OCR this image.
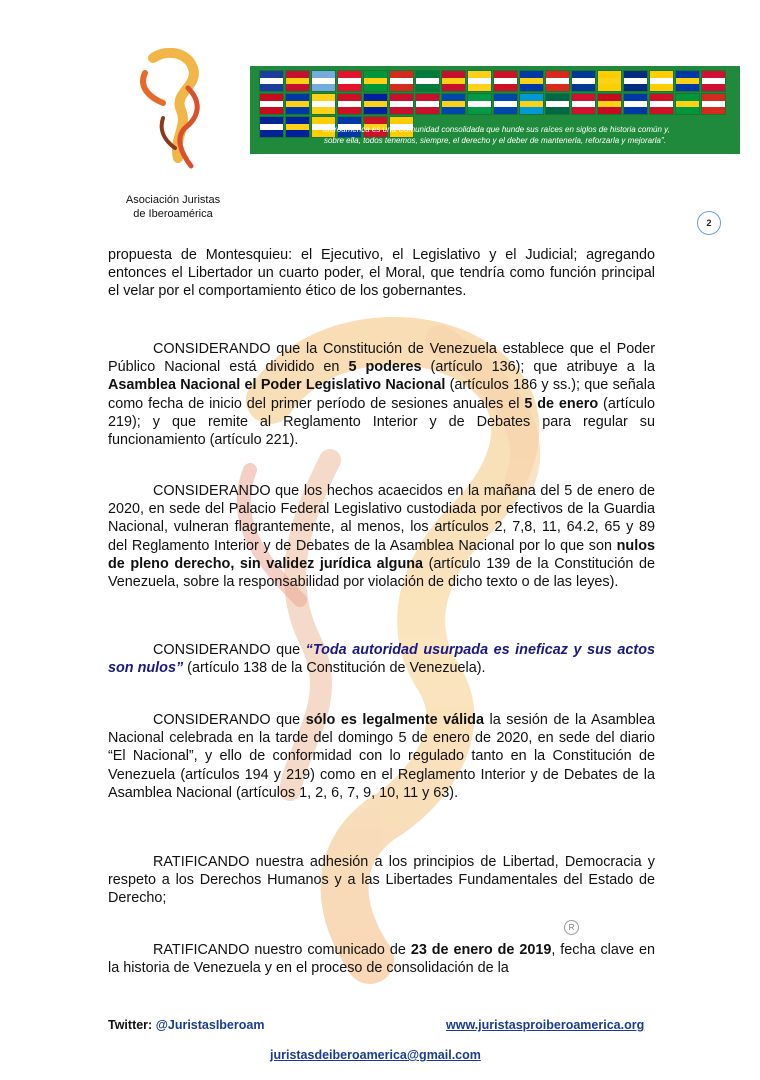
Asociación Juristas
de Iberoamérica
"Iberoamérica es una Comunidad consolidada que hunde sus raíces en siglos de historia común y,
sobre ella, todos tenemos, siempre, el derecho y el deber de mantenerla, reforzarla y mejorarla".
2

propuesta de Montesquieu: el Ejecutivo, el Legislativo y el Judicial; agregando entonces el Libertador un cuarto poder, el Moral, que tendría como función principal el velar por el comportamiento ético de los gobernantes.

CONSIDERANDO que la Constitución de Venezuela establece que el Poder Público Nacional está dividido en 5 poderes (artículo 136); que atribuye a la Asamblea Nacional el Poder Legislativo Nacional (artículos 186 y ss.); que señala como fecha de inicio del primer período de sesiones anuales el 5 de enero (artículo 219); y que remite al Reglamento Interior y de Debates para regular su funcionamiento (artículo 221).

CONSIDERANDO que los hechos acaecidos en la mañana del 5 de enero de 2020, en sede del Palacio Federal Legislativo custodiada por efectivos de la Guardia Nacional, vulneran flagrantemente, al menos, los artículos 2, 7,8, 11, 64.2, 65 y 89 del Reglamento Interior y de Debates de la Asamblea Nacional por lo que son nulos de pleno derecho, sin validez jurídica alguna (artículo 139 de la Constitución de Venezuela, sobre la responsabilidad por violación de dicho texto o de las leyes).

CONSIDERANDO que “Toda autoridad usurpada es ineficaz y sus actos son nulos” (artículo 138 de la Constitución de Venezuela).

CONSIDERANDO que sólo es legalmente válida la sesión de la Asamblea Nacional celebrada en la tarde del domingo 5 de enero de 2020, en sede del diario “El Nacional”, y ello de conformidad con lo regulado tanto en la Constitución de Venezuela (artículos 194 y 219) como en el Reglamento Interior y de Debates de la Asamblea Nacional (artículos 1, 2, 6, 7, 9, 10, 11 y 63).

RATIFICANDO nuestra adhesión a los principios de Libertad, Democracia y respeto a los Derechos Humanos y a las Libertades Fundamentales del Estado de Derecho;

R

RATIFICANDO nuestro comunicado de 23 de enero de 2019, fecha clave en la historia de Venezuela y en el proceso de consolidación de la

Twitter: @JuristasIberoam	www.juristasproiberoamerica.org
juristasdeiberoamerica@gmail.com
